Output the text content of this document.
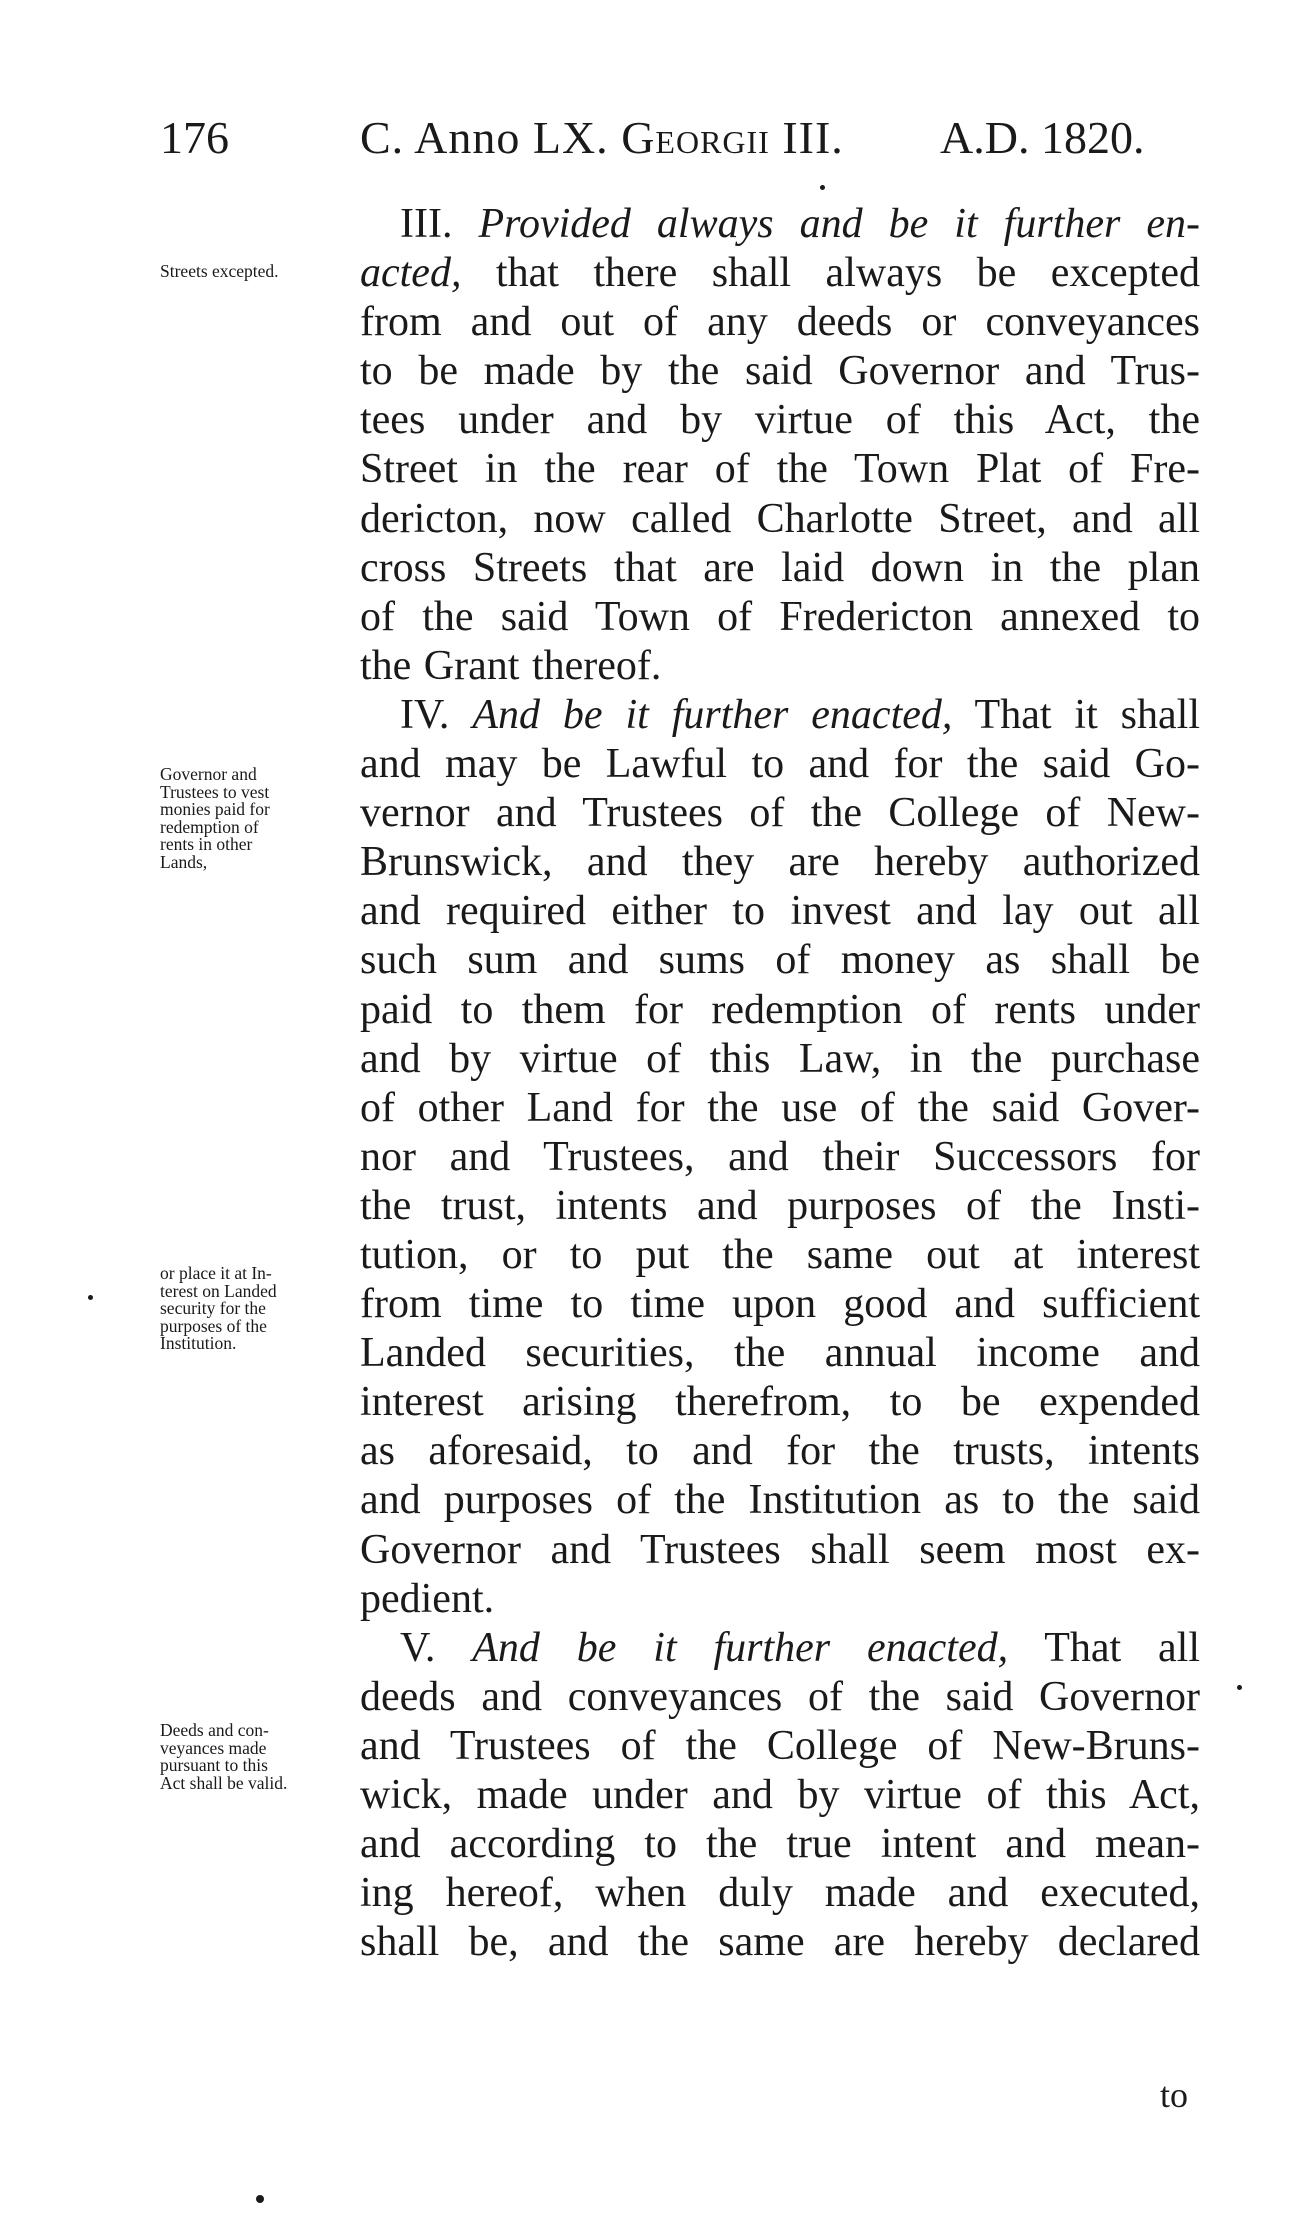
176	C. Anno LX. Georgii III. A.D. 1820.
III. Provided always and be it further en-
acted, that there shall always be excepted
from and out of any deeds or conveyances
to be made by the said Governor and Trus-
tees under and by virtue of this Act, the
Street in the rear of the Town Plat of Fre-
dericton, now called Charlotte Street, and all
cross Streets that are laid down in the plan
of the said Town of Fredericton annexed to
the Grant thereof.
IV. And be it further enacted, That it shall
and may be Lawful to and for the said Go-
vernor and Trustees of the College of New-
Brunswick, and they are hereby authorized
and required either to invest and lay out all
such sum and sums of money as shall be
paid to them for redemption of rents under
and by virtue of this Law, in the purchase
of other Land for the use of the said Gover-
nor and Trustees, and their Successors for
the trust, intents and purposes of the Insti-
tution, or to put the same out at interest
from time to time upon good and sufficient
Landed securities, the annual income and
interest arising therefrom, to be expended
as aforesaid, to and for the trusts, intents
and purposes of the Institution as to the said
Governor and Trustees shall seem most ex-
pedient.
V. And be it further enacted, That all
deeds and conveyances of the said Governor
and Trustees of the College of New-Bruns-
wick, made under and by virtue of this Act,
and according to the true intent and mean-
ing hereof, when duly made and executed,
shall be, and the same are hereby declared
Streets excepted.
Governor and
Trustees to vest
monies paid for
redemption of
rents in other
Lands,
or place it at In-
terest on Landed
security for the
purposes of the
Institution.
Deeds and con-
veyances made
pursuant to this
Act shall be valid.
to
